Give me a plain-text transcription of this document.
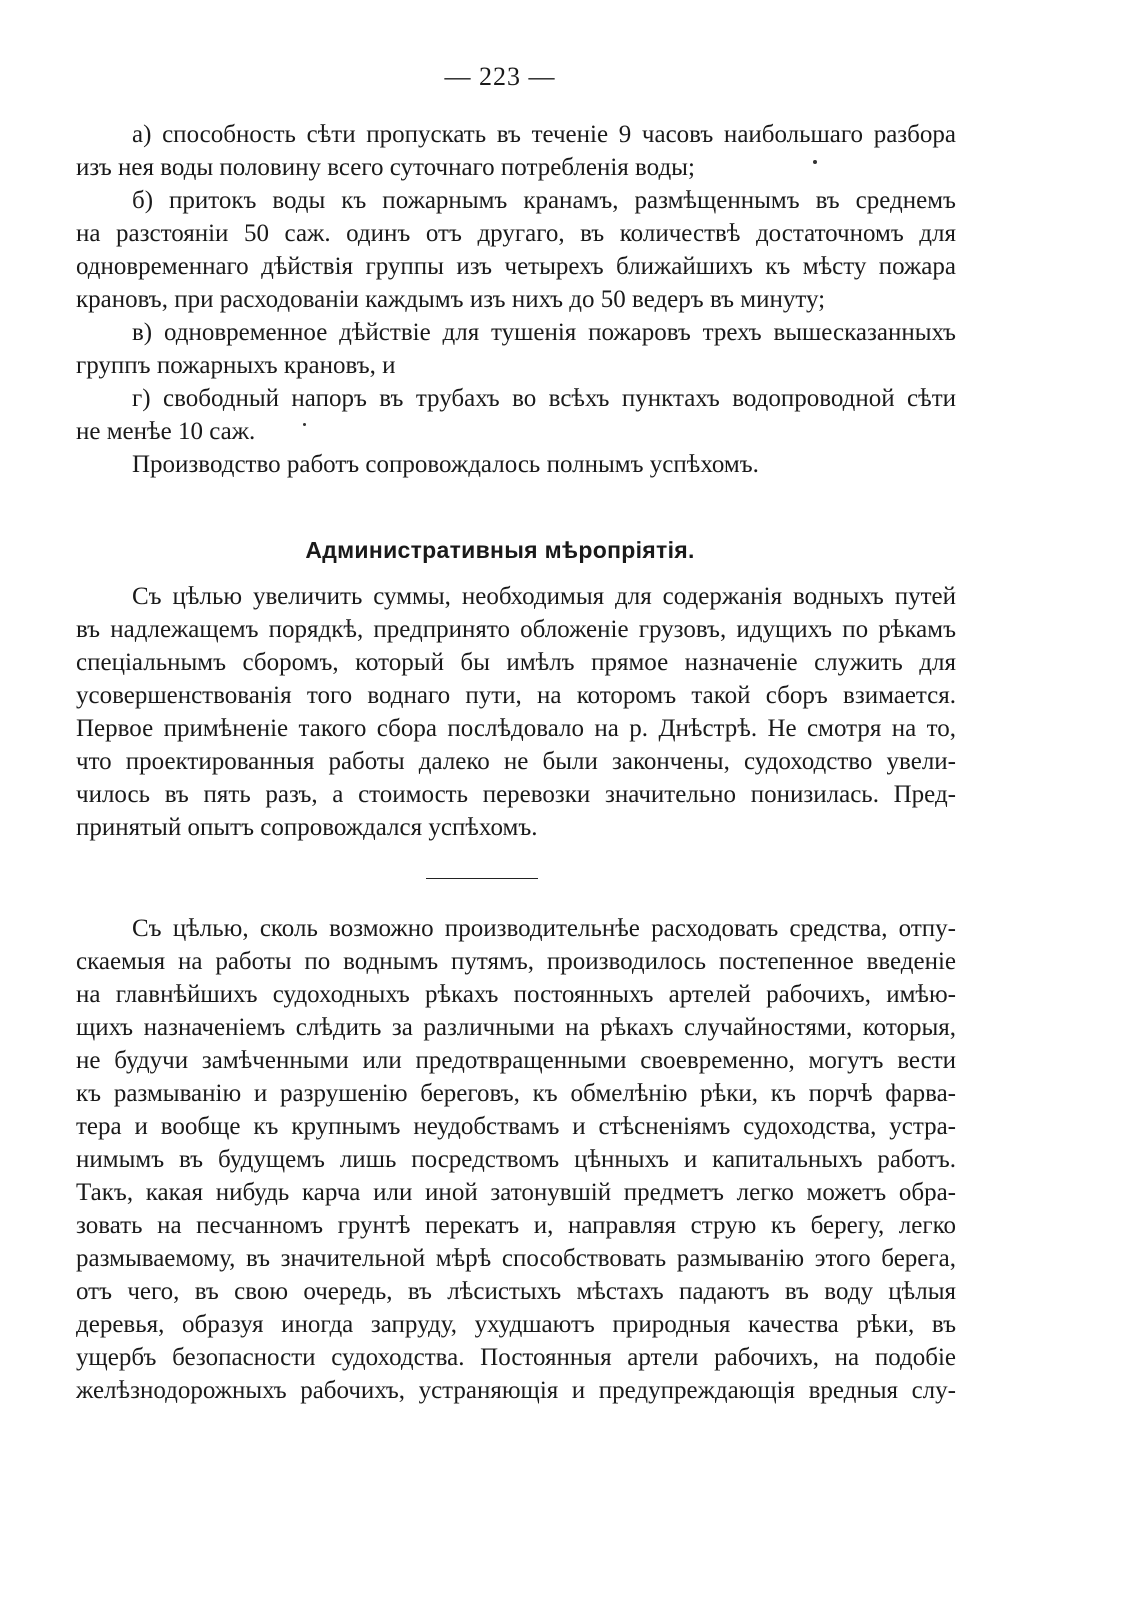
— 223 —
а) способность сѣти пропускать въ теченіе 9 часовъ наибольшаго разбора
изъ нея воды половину всего суточнаго потребленія воды;
б) притокъ воды къ пожарнымъ кранамъ, размѣщеннымъ въ среднемъ
на разстояніи 50 саж. одинъ отъ другаго, въ количествѣ достаточномъ для
одновременнаго дѣйствія группы изъ четырехъ ближайшихъ къ мѣсту пожара
крановъ, при расходованіи каждымъ изъ нихъ до 50 ведеръ въ минуту;
в) одновременное дѣйствіе для тушенія пожаровъ трехъ вышесказанныхъ
группъ пожарныхъ крановъ, и
г) свободный напоръ въ трубахъ во всѣхъ пунктахъ водопроводной сѣти
не менѣе 10 саж.
Производство работъ сопровождалось полнымъ успѣхомъ.
Административныя мѣропріятія.
Съ цѣлью увеличить суммы, необходимыя для содержанія водныхъ путей
въ надлежащемъ порядкѣ, предпринято обложеніе грузовъ, идущихъ по рѣкамъ
спеціальнымъ сборомъ, который бы имѣлъ прямое назначеніе служить для
усовершенствованія того воднаго пути, на которомъ такой сборъ взимается.
Первое примѣненіе такого сбора послѣдовало на р. Днѣстрѣ. Не смотря на то,
что проектированныя работы далеко не были закончены, судоходство увели-
чилось въ пять разъ, а стоимость перевозки значительно понизилась. Пред-
принятый опытъ сопровождался успѣхомъ.
Съ цѣлью, сколь возможно производительнѣе расходовать средства, отпу-
скаемыя на работы по воднымъ путямъ, производилось постепенное введеніе
на главнѣйшихъ судоходныхъ рѣкахъ постоянныхъ артелей рабочихъ, имѣю-
щихъ назначеніемъ слѣдить за различными на рѣкахъ случайностями, которыя,
не будучи замѣченными или предотвращенными своевременно, могутъ вести
къ размыванію и разрушенію береговъ, къ обмелѣнію рѣки, къ порчѣ фарва-
тера и вообще къ крупнымъ неудобствамъ и стѣсненіямъ судоходства, устра-
нимымъ въ будущемъ лишь посредствомъ цѣнныхъ и капитальныхъ работъ.
Такъ, какая нибудь карча или иной затонувшій предметъ легко можетъ обра-
зовать на песчанномъ грунтѣ перекатъ и, направляя струю къ берегу, легко
размываемому, въ значительной мѣрѣ способствовать размыванію этого берега,
отъ чего, въ свою очередь, въ лѣсистыхъ мѣстахъ падаютъ въ воду цѣлыя
деревья, образуя иногда запруду, ухудшаютъ природныя качества рѣки, въ
ущербъ безопасности судоходства. Постоянныя артели рабочихъ, на подобіе
желѣзнодорожныхъ рабочихъ, устраняющія и предупреждающія вредныя слу-
